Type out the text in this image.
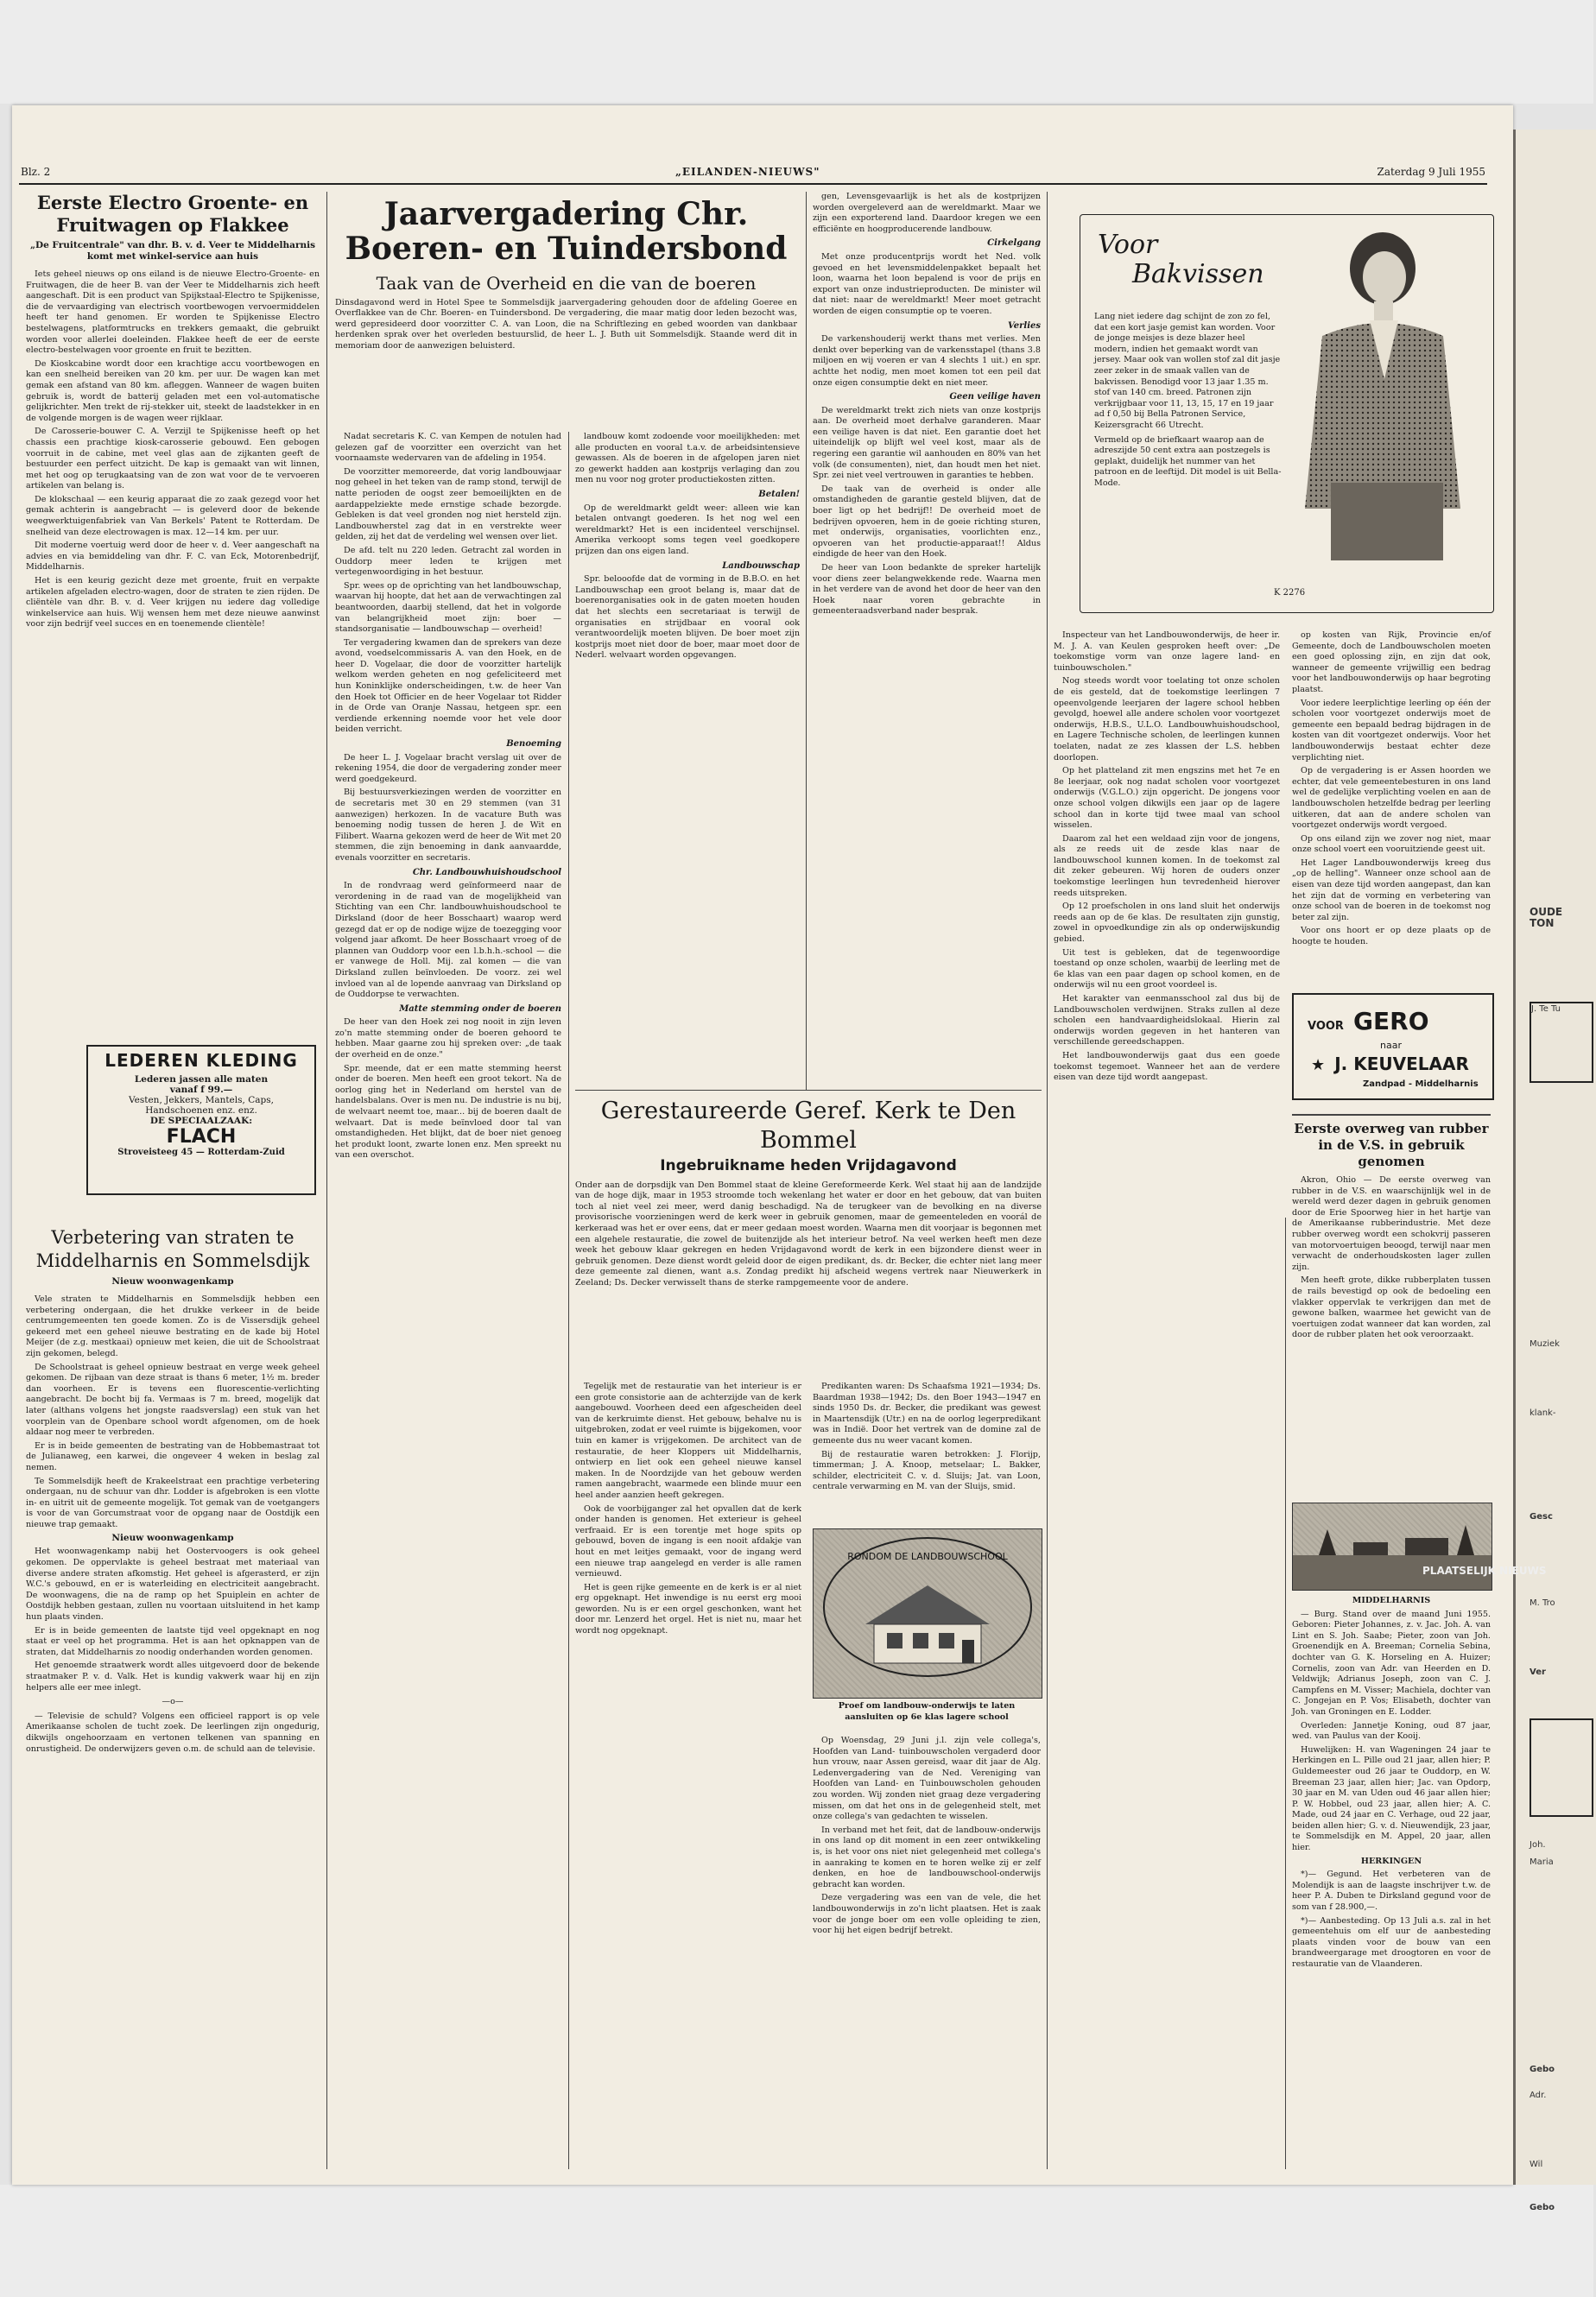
OUDE TON
J. Te Tu
Muziek
klank-
Gesc
M. Tro
Ver
Joh.
Maria
Gebo
Adr.
Wil
Gebo
Blz. 2	„EILANDEN-NIEUWS"	Zaterdag 9 Juli 1955
Eerste Electro Groente- en Fruitwagen op Flakkee
„De Fruitcentrale" van dhr. B. v. d. Veer te Middelharnis komt met winkel-service aan huis

Iets geheel nieuws op ons eiland is de nieuwe Electro-Groente- en Fruitwagen, die de heer B. van der Veer te Middelharnis zich heeft aangeschaft. Dit is een product van Spijkstaal-Electro te Spijkenisse, die de vervaardiging van electrisch voortbewogen vervoermiddelen heeft ter hand genomen. Er worden te Spijkenisse Electro bestelwagens, platformtrucks en trekkers gemaakt, die gebruikt worden voor allerlei doeleinden. Flakkee heeft de eer de eerste electro-bestelwagen voor groente en fruit te bezitten.

De Kioskcabine wordt door een krachtige accu voortbewogen en kan een snelheid bereiken van 20 km. per uur. De wagen kan met gemak een afstand van 80 km. afleggen. Wanneer de wagen buiten gebruik is, wordt de batterij geladen met een vol-automatische gelijkrichter. Men trekt de rij-stekker uit, steekt de laadstekker in en de volgende morgen is de wagen weer rijklaar.

De Carosserie-bouwer C. A. Verzijl te Spijkenisse heeft op het chassis een prachtige kiosk-carosserie gebouwd. Een gebogen voorruit in de cabine, met veel glas aan de zijkanten geeft de bestuurder een perfect uitzicht. De kap is gemaakt van wit linnen, met het oog op terugkaatsing van de zon wat voor de te vervoeren artikelen van belang is.

De klokschaal — een keurig apparaat die zo zaak gezegd voor het gemak achterin is aangebracht — is geleverd door de bekende weegwerktuigenfabriek van Van Berkels' Patent te Rotterdam. De snelheid van deze electrowagen is max. 12—14 km. per uur.

Dit moderne voertuig werd door de heer v. d. Veer aangeschaft na advies en via bemiddeling van dhr. F. C. van Eck, Motorenbedrijf, Middelharnis.

Het is een keurig gezicht deze met groente, fruit en verpakte artikelen afgeladen electro-wagen, door de straten te zien rijden. De cliëntèle van dhr. B. v. d. Veer krijgen nu iedere dag volledige winkelservice aan huis. Wij wensen hem met deze nieuwe aanwinst voor zijn bedrijf veel succes en en toenemende clientèle!

LEDEREN KLEDING
Lederen jassen alle maten
vanaf f 99.—
Vesten, Jekkers, Mantels, Caps,
Handschoenen enz. enz.
DE SPECIAALZAAK:
FLACH
Stroveisteeg 45 — Rotterdam-Zuid
Verbetering van straten te Middelharnis en Sommelsdijk
Nieuw woonwagenkamp

Vele straten te Middelharnis en Sommelsdijk hebben een verbetering ondergaan, die het drukke verkeer in de beide centrumgemeenten ten goede komen. Zo is de Vissersdijk geheel gekeerd met een geheel nieuwe bestrating en de kade bij Hotel Meijer (de z.g. mestkaai) opnieuw met keien, die uit de Schoolstraat zijn gekomen, belegd.

De Schoolstraat is geheel opnieuw bestraat en verge week geheel gekomen. De rijbaan van deze straat is thans 6 meter, 1½ m. breder dan voorheen. Er is tevens een fluorescentie-verlichting aangebracht. De bocht bij fa. Vermaas is 7 m. breed, mogelijk dat later (althans volgens het jongste raadsverslag) een stuk van het voorplein van de Openbare school wordt afgenomen, om de hoek aldaar nog meer te verbreden.

Er is in beide gemeenten de bestrating van de Hobbemastraat tot de Julianaweg, een karwei, die ongeveer 4 weken in beslag zal nemen.

Te Sommelsdijk heeft de Krakeelstraat een prachtige verbetering ondergaan, nu de schuur van dhr. Lodder is afgebroken is een vlotte in- en uitrit uit de gemeente mogelijk. Tot gemak van de voetgangers is voor de van Gorcumstraat voor de opgang naar de Oostdijk een nieuwe trap gemaakt.

Nieuw woonwagenkamp

Het woonwagenkamp nabij het Oostervoogers is ook geheel gekomen. De oppervlakte is geheel bestraat met materiaal van diverse andere straten afkomstig. Het geheel is afgerasterd, er zijn W.C.'s gebouwd, en er is waterleiding en electriciteit aangebracht. De woonwagens, die na de ramp op het Spuiplein en achter de Oostdijk hebben gestaan, zullen nu voortaan uitsluitend in het kamp hun plaats vinden.

Er is in beide gemeenten de laatste tijd veel opgeknapt en nog staat er veel op het programma. Het is aan het opknappen van de straten, dat Middelharnis zo noodig onderhanden worden genomen.

Het genoemde straatwerk wordt alles uitgevoerd door de bekende straatmaker P. v. d. Valk. Het is kundig vakwerk waar hij en zijn helpers alle eer mee inlegt.

—o—

— Televisie de schuld? Volgens een officieel rapport is op vele Amerikaanse scholen de tucht zoek. De leerlingen zijn ongedurig, dikwijls ongehoorzaam en vertonen telkenen van spanning en onrustigheid. De onderwijzers geven o.m. de schuld aan de televisie.

Jaarvergadering Chr. Boeren- en Tuindersbond
Taak van de Overheid en die van de boeren

Dinsdagavond werd in Hotel Spee te Sommelsdijk jaarvergadering gehouden door de afdeling Goeree en Overflakkee van de Chr. Boeren- en Tuindersbond. De vergadering, die maar matig door leden bezocht was, werd gepresideerd door voorzitter C. A. van Loon, die na Schriftlezing en gebed woorden van dankbaar herdenken sprak over het overleden bestuurslid, de heer L. J. Buth uit Sommelsdijk. Staande werd dit in memoriam door de aanwezigen beluisterd.

Nadat secretaris K. C. van Kempen de notulen had gelezen gaf de voorzitter een overzicht van het voornaamste wedervaren van de afdeling in 1954.

De voorzitter memoreerde, dat vorig landbouwjaar nog geheel in het teken van de ramp stond, terwijl de natte perioden de oogst zeer bemoeilijkten en de aardappelziekte mede ernstige schade bezorgde. Gebleken is dat veel gronden nog niet hersteld zijn. Landbouwherstel zag dat in en verstrekte weer gelden, zij het dat de verdeling wel wensen over liet.

De afd. telt nu 220 leden. Getracht zal worden in Ouddorp meer leden te krijgen met vertegenwoordiging in het bestuur.

Spr. wees op de oprichting van het landbouwschap, waarvan hij hoopte, dat het aan de verwachtingen zal beantwoorden, daarbij stellend, dat het in volgorde van belangrijkheid moet zijn: boer — standsorganisatie — landbouwschap — overheid!

Ter vergadering kwamen dan de sprekers van deze avond, voedselcommissaris A. van den Hoek, en de heer D. Vogelaar, die door de voorzitter hartelijk welkom werden geheten en nog gefeliciteerd met hun Koninklijke onderscheidingen, t.w. de heer Van den Hoek tot Officier en de heer Vogelaar tot Ridder in de Orde van Oranje Nassau, hetgeen spr. een verdiende erkenning noemde voor het vele door beiden verricht.

Benoeming

De heer L. J. Vogelaar bracht verslag uit over de rekening 1954, die door de vergadering zonder meer werd goedgekeurd.

Bij bestuursverkiezingen werden de voorzitter en de secretaris met 30 en 29 stemmen (van 31 aanwezigen) herkozen. In de vacature Buth was benoeming nodig tussen de heren J. de Wit en Filibert. Waarna gekozen werd de heer de Wit met 20 stemmen, die zijn benoeming in dank aanvaardde, evenals voorzitter en secretaris.

Chr. Landbouwhuishoudschool

In de rondvraag werd geïnformeerd naar de verordening in de raad van de mogelijkheid van Stichting van een Chr. landbouwhuishoudschool te Dirksland (door de heer Bosschaart) waarop werd gezegd dat er op de nodige wijze de toezegging voor volgend jaar afkomt. De heer Bosschaart vroeg of de plannen van Ouddorp voor een l.b.h.h.-school — die er vanwege de Holl. Mij. zal komen — die van Dirksland zullen beïnvloeden. De voorz. zei wel invloed van al de lopende aanvraag van Dirksland op de Ouddorpse te verwachten.

Matte stemming onder de boeren

De heer van den Hoek zei nog nooit in zijn leven zo'n matte stemming onder de boeren gehoord te hebben. Maar gaarne zou hij spreken over: „de taak der overheid en de onze."

Spr. meende, dat er een matte stemming heerst onder de boeren. Men heeft een groot tekort. Na de oorlog ging het in Nederland om herstel van de handelsbalans. Over is men nu. De industrie is nu bij, de welvaart neemt toe, maar... bij de boeren daalt de welvaart. Dat is mede beïnvloed door tal van omstandigheden. Het blijkt, dat de boer niet genoeg het produkt loont, zwarte lonen enz. Men spreekt nu van een overschot.

landbouw komt zodoende voor moeilijkheden: met alle producten en vooral t.a.v. de arbeidsintensieve gewassen. Als de boeren in de afgelopen jaren niet zo gewerkt hadden aan kostprijs verlaging dan zou men nu voor nog groter productiekosten zitten.

Betalen!

Op de wereldmarkt geldt weer: alleen wie kan betalen ontvangt goederen. Is het nog wel een wereldmarkt? Het is een incidenteel verschijnsel. Amerika verkoopt soms tegen veel goedkopere prijzen dan ons eigen land.

Landbouwschap

Spr. belooofde dat de vorming in de B.B.O. en het Landbouwschap een groot belang is, maar dat de boerenorganisaties ook in de gaten moeten houden dat het slechts een secretariaat is terwijl de organisaties en strijdbaar en vooral ook verantwoordelijk moeten blijven. De boer moet zijn kostprijs moet niet door de boer, maar moet door de Nederl. welvaart worden opgevangen.

gen, Levensgevaarlijk is het als de kostprijzen worden overgeleverd aan de wereldmarkt. Maar we zijn een exporterend land. Daardoor kregen we een efficiënte en hoogproducerende landbouw.

Cirkelgang

Met onze producentprijs wordt het Ned. volk gevoed en het levensmiddelenpakket bepaalt het loon, waarna het loon bepalend is voor de prijs en export van onze industrieproducten. De minister wil dat niet: naar de wereldmarkt! Meer moet getracht worden de eigen consumptie op te voeren.

Verlies

De varkenshouderij werkt thans met verlies. Men denkt over beperking van de varkensstapel (thans 3.8 miljoen en wij voeren er van 4 slechts 1 uit.) en spr. achtte het nodig, men moet komen tot een peil dat onze eigen consumptie dekt en niet meer.

Geen veilige haven

De wereldmarkt trekt zich niets van onze kostprijs aan. De overheid moet derhalve garanderen. Maar een veilige haven is dat niet. Een garantie doet het uiteindelijk op blijft wel veel kost, maar als de regering een garantie wil aanhouden en 80% van het volk (de consumenten), niet, dan houdt men het niet. Spr. zei niet veel vertrouwen in garanties te hebben.

De taak van de overheid is onder alle omstandigheden de garantie gesteld blijven, dat de boer ligt op het bedrijf!! De overheid moet de bedrijven opvoeren, hem in de goeie richting sturen, met onderwijs, organisaties, voorlichten enz., opvoeren van het productie-apparaat!! Aldus eindigde de heer van den Hoek.

De heer van Loon bedankte de spreker hartelijk voor diens zeer belangwekkende rede. Waarna men in het verdere van de avond het door de heer van den Hoek naar voren gebrachte in gemeenteraadsverband nader besprak.

Gerestaureerde Geref. Kerk te Den Bommel
Ingebruikname heden Vrijdagavond

Onder aan de dorpsdijk van Den Bommel staat de kleine Gereformeerde Kerk. Wel staat hij aan de landzijde van de hoge dijk, maar in 1953 stroomde toch wekenlang het water er door en het gebouw, dat van buiten toch al niet veel zei meer, werd danig beschadigd. Na de terugkeer van de bevolking en na diverse provisorische voorzieningen werd de kerk weer in gebruik genomen, maar de gemeenteleden en voorál de kerkeraad was het er over eens, dat er meer gedaan moest worden. Waarna men dit voorjaar is begonnen met een algehele restauratie, die zowel de buitenzijde als het interieur betrof. Na veel werken heeft men deze week het gebouw klaar gekregen en heden Vrijdagavond wordt de kerk in een bijzondere dienst weer in gebruik genomen. Deze dienst wordt geleid door de eigen predikant, ds. dr. Becker, die echter niet lang meer deze gemeente zal dienen, want a.s. Zondag predikt hij afscheid wegens vertrek naar Nieuwerkerk in Zeeland; Ds. Decker verwisselt thans de sterke rampgemeente voor de andere.

Tegelijk met de restauratie van het interieur is er een grote consistorie aan de achterzijde van de kerk aangebouwd. Voorheen deed een afgescheiden deel van de kerkruimte dienst. Het gebouw, behalve nu is uitgebroken, zodat er veel ruimte is bijgekomen, voor tuin en kamer is vrijgekomen. De architect van de restauratie, de heer Kloppers uit Middelharnis, ontwierp en liet ook een geheel nieuwe kansel maken. In de Noordzijde van het gebouw werden ramen aangebracht, waarmede een blinde muur een heel ander aanzien heeft gekregen.

Ook de voorbijganger zal het opvallen dat de kerk onder handen is genomen. Het exterieur is geheel verfraaid. Er is een torentje met hoge spits op gebouwd, boven de ingang is een nooit afdakje van hout en met leitjes gemaakt, voor de ingang werd een nieuwe trap aangelegd en verder is alle ramen vernieuwd.

Het is geen rijke gemeente en de kerk is er al niet erg opgeknapt. Het inwendige is nu eerst erg mooi geworden. Nu is er een orgel geschonken, want het door mr. Lenzerd het orgel. Het is niet nu, maar het wordt nog opgeknapt.

Predikanten waren: Ds Schaafsma 1921—1934; Ds. Baardman 1938—1942; Ds. den Boer 1943—1947 en sinds 1950 Ds. dr. Becker, die predikant was gewest in Maartensdijk (Utr.) en na de oorlog legerpredikant was in Indië. Door het vertrek van de domine zal de gemeente dus nu weer vacant komen.

Bij de restauratie waren betrokken: J. Florijp, timmerman; J. A. Knoop, metselaar; L. Bakker, schilder, electriciteit C. v. d. Sluijs; Jat. van Loon, centrale verwarming en M. van der Sluijs, smid.

RONDOM DE LANDBOUWSCHOOL
Proef om landbouw-onderwijs te laten
aansluiten op 6e klas lagere school

Op Woensdag, 29 Juni j.l. zijn vele collega's, Hoofden van Land- tuinbouwscholen vergaderd door hun vrouw, naar Assen gereisd, waar dit jaar de Alg. Ledenvergadering van de Ned. Vereniging van Hoofden van Land- en Tuinbouwscholen gehouden zou worden. Wij zonden niet graag deze vergadering missen, om dat het ons in de gelegenheid stelt, met onze collega's van gedachten te wisselen.

In verband met het feit, dat de landbouw-onderwijs in ons land op dit moment in een zeer ontwikkeling is, is het voor ons niet niet gelegenheid met collega's in aanraking te komen en te horen welke zij er zelf denken, en hoe de landbouwschool-onderwijs gebracht kan worden.

Deze vergadering was een van de vele, die het landbouwonderwijs in zo'n licht plaatsen. Het is zaak voor de jonge boer om een volle opleiding te zien, voor hij het eigen bedrijf betrekt.

Voor
Bakvissen

Lang niet iedere dag schijnt de zon zo fel, dat een kort jasje gemist kan worden. Voor de jonge meisjes is deze blazer heel modern, indien het gemaakt wordt van jersey. Maar ook van wollen stof zal dit jasje zeer zeker in de smaak vallen van de bakvissen. Benodigd voor 13 jaar 1.35 m. stof van 140 cm. breed. Patronen zijn verkrijgbaar voor 11, 13, 15, 17 en 19 jaar ad f 0,50 bij Bella Patronen Service, Keizersgracht 66 Utrecht.

Vermeld op de briefkaart waarop aan de adreszijde 50 cent extra aan postzegels is geplakt, duidelijk het nummer van het patroon en de leeftijd. Dit model is uit Bella-Mode.

K 2276

Inspecteur van het Landbouwonderwijs, de heer ir. M. J. A. van Keulen gesproken heeft over: „De toekomstige vorm van onze lagere land- en tuinbouwscholen."

Nog steeds wordt voor toelating tot onze scholen de eis gesteld, dat de toekomstige leerlingen 7 opeenvolgende leerjaren der lagere school hebben gevolgd, hoewel alle andere scholen voor voortgezet onderwijs, H.B.S., U.L.O. Landbouwhuishoudschool, en Lagere Technische scholen, de leerlingen kunnen toelaten, nadat ze zes klassen der L.S. hebben doorlopen.

Op het platteland zit men engszins met het 7e en 8e leerjaar, ook nog nadat scholen voor voortgezet onderwijs (V.G.L.O.) zijn opgericht. De jongens voor onze school volgen dikwijls een jaar op de lagere school dan in korte tijd twee maal van school wisselen.

Daarom zal het een weldaad zijn voor de jongens, als ze reeds uit de zesde klas naar de landbouwschool kunnen komen. In de toekomst zal dit zeker gebeuren. Wij horen de ouders onzer toekomstige leerlingen hun tevredenheid hierover reeds uitspreken.

Op 12 proefscholen in ons land sluit het onderwijs reeds aan op de 6e klas. De resultaten zijn gunstig, zowel in opvoedkundige zin als op onderwijskundig gebied.

Uit test is gebleken, dat de tegenwoordige toestand op onze scholen, waarbij de leerling met de 6e klas van een paar dagen op school komen, en de onderwijs wil nu een groot voordeel is.

Het karakter van eenmansschool zal dus bij de Landbouwscholen verdwijnen. Straks zullen al deze scholen een handvaardigheidslokaal. Hierin zal onderwijs worden gegeven in het hanteren van verschillende gereedschappen.

Het landbouwonderwijs gaat dus een goede toekomst tegemoet. Wanneer het aan de verdere eisen van deze tijd wordt aangepast.

op kosten van Rijk, Provincie en/of Gemeente, doch de Landbouwscholen moeten een goed oplossing zijn, en zijn dat ook, wanneer de gemeente vrijwillig een bedrag voor het landbouwonderwijs op haar begroting plaatst.

Voor iedere leerplichtige leerling op één der scholen voor voortgezet onderwijs moet de gemeente een bepaald bedrag bijdragen in de kosten van dit voortgezet onderwijs. Voor het landbouwonderwijs bestaat echter deze verplichting niet.

Op de vergadering is er Assen hoorden we echter, dat vele gemeentebesturen in ons land wel de gedelijke verplichting voelen en aan de landbouwscholen hetzelfde bedrag per leerling uitkeren, dat aan de andere scholen van voortgezet onderwijs wordt vergoed.

Op ons eiland zijn we zover nog niet, maar onze school voert een vooruitziende geest uit.

Het Lager Landbouwonderwijs kreeg dus „op de helling". Wanneer onze school aan de eisen van deze tijd worden aangepast, dan kan het zijn dat de vorming en verbetering van onze school van de boeren in de toekomst nog beter zal zijn.

Voor ons hoort er op deze plaats op de hoogte te houden.

VOOR GERO
naar
★ J. KEUVELAAR
Zandpad - Middelharnis
Eerste overweg van rubber in de V.S. in gebruik genomen

Akron, Ohio — De eerste overweg van rubber in de V.S. en waarschijnlijk wel in de wereld werd dezer dagen in gebruik genomen door de Erie Spoorweg hier in het hartje van de Amerikaanse rubberindustrie. Met deze rubber overweg wordt een schokvrij passeren van motorvoertuigen beoogd, terwijl naar men verwacht de onderhoudskosten lager zullen zijn.

Men heeft grote, dikke rubberplaten tussen de rails bevestigd op ook de bedoeling een vlakker oppervlak te verkrijgen dan met de gewone balken, waarmee het gewicht van de voertuigen zodat wanneer dat kan worden, zal door de rubber platen het ook veroorzaakt.

PLAATSELIJK NIEUWS
MIDDELHARNIS

— Burg. Stand over de maand Juni 1955. Geboren: Pieter Johannes, z. v. Jac. Joh. A. van Lint en S. Joh. Saabe; Pieter, zoon van Joh. Groenendijk en A. Breeman; Cornelia Sebina, dochter van G. K. Horseling en A. Huizer; Cornelis, zoon van Adr. van Heerden en D. Veldwijk; Adrianus Joseph, zoon van C. J. Campfens en M. Visser; Machiela, dochter van C. Jongejan en P. Vos; Elisabeth, dochter van Joh. van Groningen en E. Lodder.

Overleden: Jannetje Koning, oud 87 jaar, wed. van Paulus van der Kooij.

Huwelijken: H. van Wageningen 24 jaar te Herkingen en L. Pille oud 21 jaar, allen hier; P. Guldemeester oud 26 jaar te Ouddorp, en W. Breeman 23 jaar, allen hier; Jac. van Opdorp, 30 jaar en M. van Uden oud 46 jaar allen hier; P. W. Hobbel, oud 23 jaar, allen hier; A. C. Made, oud 24 jaar en C. Verhage, oud 22 jaar, beiden allen hier; G. v. d. Nieuwendijk, 23 jaar, te Sommelsdijk en M. Appel, 20 jaar, allen hier.

HERKINGEN

*)— Gegund. Het verbeteren van de Molendijk is aan de laagste inschrijver t.w. de heer P. A. Duben te Dirksland gegund voor de som van f 28.900,—.

*)— Aanbesteding. Op 13 Juli a.s. zal in het gemeentehuis om elf uur de aanbesteding plaats vinden voor de bouw van een brandweergarage met droogtoren en voor de restauratie van de Vlaanderen.
